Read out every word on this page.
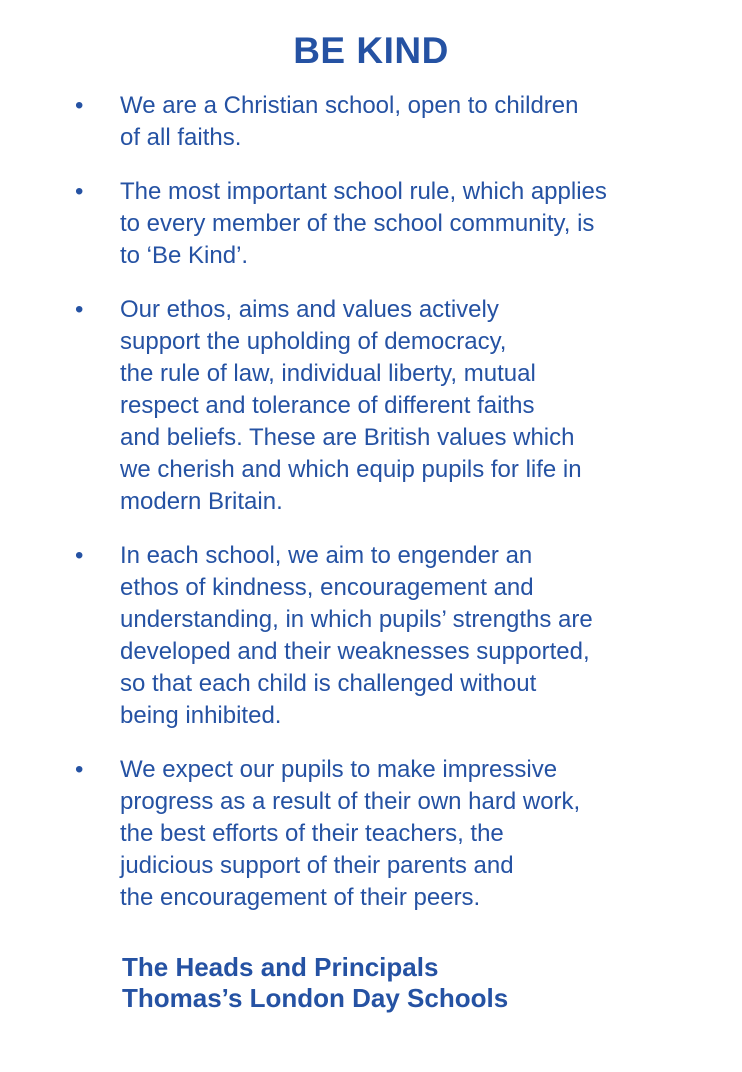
BE KIND
• We are a Christian school, open to children
of all faiths.
• The most important school rule, which applies
to every member of the school community, is
to ‘Be Kind’.
• Our ethos, aims and values actively
support the upholding of democracy,
the rule of law, individual liberty, mutual
respect and tolerance of different faiths
and beliefs. These are British values which
we cherish and which equip pupils for life in
modern Britain.
• In each school, we aim to engender an
ethos of kindness, encouragement and
understanding, in which pupils’ strengths are
developed and their weaknesses supported,
so that each child is challenged without
being inhibited.
• We expect our pupils to make impressive
progress as a result of their own hard work,
the best efforts of their teachers, the
judicious support of their parents and
the encouragement of their peers.
The Heads and Principals
Thomas’s London Day Schools
